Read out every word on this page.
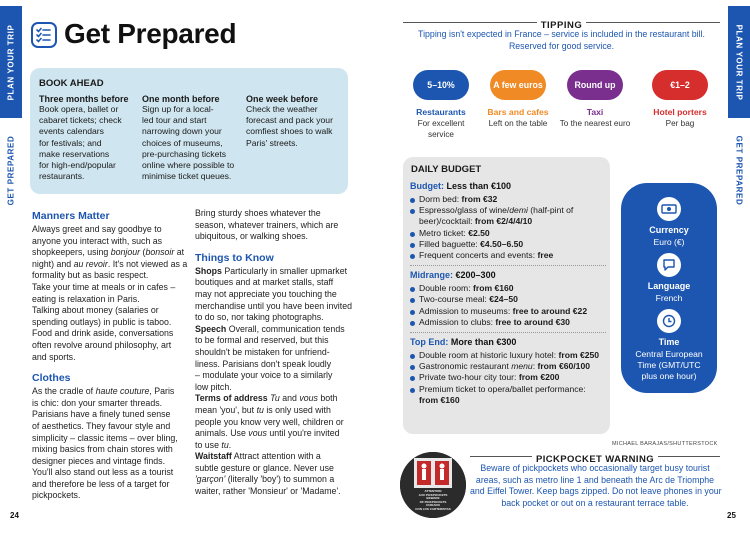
PLAN YOUR TRIP
GET PREPARED
Get Prepared
BOOK AHEAD
Three months before
Book opera, ballet or
cabaret tickets; check
events calendars
for festivals; and
make reservations
for high-end/popular
restaurants.
One month before
Sign up for a local-
led tour and start
narrowing down your
choices of museums,
pre-purchasing tickets
online where possible to
minimise ticket queues.
One week before
Check the weather
forecast and pack your
comfiest shoes to walk
Paris' streets.
Manners Matter
Always greet and say goodbye to
anyone you interact with, such as
shopkeepers, using bonjour (bonsoir at
night) and au revoir. It's not viewed as a
formality but as basic respect.
Take your time at meals or in cafes –
eating is relaxation in Paris.
Talking about money (salaries or
spending outlays) in public is taboo.
Food and drink aside, conversations
often revolve around philosophy, art
and sports.
Clothes
As the cradle of haute couture, Paris
is chic: don your smarter threads.
Parisians have a finely tuned sense
of aesthetics. They favour style and
simplicity – classic items – over bling,
mixing basics from chain stores with
designer pieces and vintage finds.
You'll also stand out less as a tourist
and therefore be less of a target for
pickpockets.
Bring sturdy shoes whatever the
season, whatever trainers, which are
ubiquitous, or walking shoes.
Things to Know
Shops Particularly in smaller upmarket
boutiques and at market stalls, staff
may not appreciate you touching the
merchandise until you have been invited
to do so, nor taking photographs.
Speech Overall, communication tends
to be formal and reserved, but this
shouldn't be mistaken for unfriend-
liness. Parisians don't speak loudly
– modulate your voice to a similarly
low pitch.
Terms of address Tu and vous both
mean 'you', but tu is only used with
people you know very well, children or
animals. Use vous until you're invited
to use tu.
Waitstaff Attract attention with a
subtle gesture or glance. Never use
'garçon' (literally 'boy') to summon a
waiter, rather 'Monsieur' or 'Madame'.
24
PLAN YOUR TRIP
GET PREPARED
TIPPING
Tipping isn't expected in France – service is included in the restaurant bill.
Reserved for good service.
5–10%
Restaurants
For excellent
service
A few euros
Bars and cafes
Left on the table
Round up
Taxi
To the nearest euro
€1–2
Hotel porters
Per bag
DAILY BUDGET
Budget: Less than €100
Dorm bed: from €32
Espresso/glass of wine/demi (half-pint of
beer)/cocktail: from €2/4/4/10
Metro ticket: €2.50
Filled baguette: €4.50–6.50
Frequent concerts and events: free
Midrange: €200–300
Double room: from €160
Two-course meal: €24–50
Admission to museums: free to around €22
Admission to clubs: free to around €30
Top End: More than €300
Double room at historic luxury hotel: from €250
Gastronomic restaurant menu: from €60/100
Private two-hour city tour: from €200
Premium ticket to opera/ballet performance:
from €160
Currency
Euro (€)
Language
French
Time
Central European
Time (GMT/UTC
plus one hour)
MICHAEL BARAJAS/SHUTTERSTOCK
ATTENTION
AUX PICKPOCKETS
BEWARE
OF PICKPOCKETS
CUIDADO
CON LOS CARTERISTAS
PICKPOCKET WARNING
Beware of pickpockets who occasionally target busy tourist
areas, such as metro line 1 and beneath the Arc de Triomphe
and Eiffel Tower. Keep bags zipped. Do not leave phones in your
back pocket or out on a restaurant terrace table.
25
